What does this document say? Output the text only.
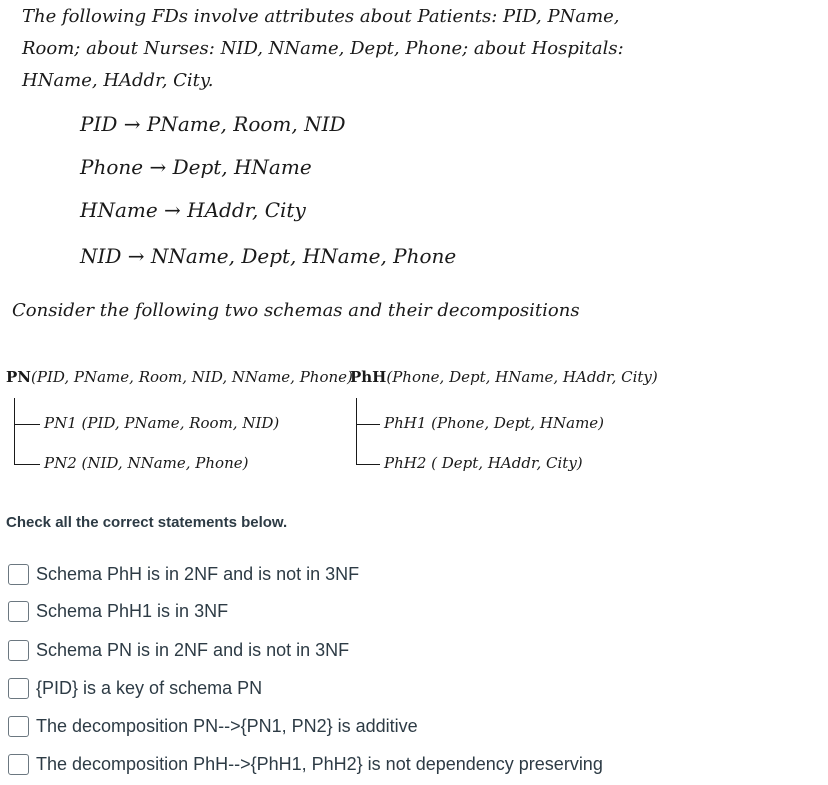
The following FDs involve attributes about Patients: PID, PName,
Room; about Nurses: NID, NName, Dept, Phone; about Hospitals:
HName, HAddr, City.
PID → PName, Room, NID
Phone → Dept, HName
HName → HAddr, City
NID → NName, Dept, HName, Phone
Consider the following two schemas and their decompositions
PN(PID, PName, Room, NID, NName, Phone)
PN1 (PID, PName, Room, NID)
PN2 (NID, NName, Phone)
PhH(Phone, Dept, HName, HAddr, City)
PhH1 (Phone, Dept, HName)
PhH2 ( Dept, HAddr, City)
Check all the correct statements below.
Schema PhH is in 2NF and is not in 3NF
Schema PhH1 is in 3NF
Schema PN is in 2NF and is not in 3NF
{PID} is a key of schema PN
The decomposition PN-->{PN1, PN2} is additive
The decomposition PhH-->{PhH1, PhH2} is not dependency preserving
